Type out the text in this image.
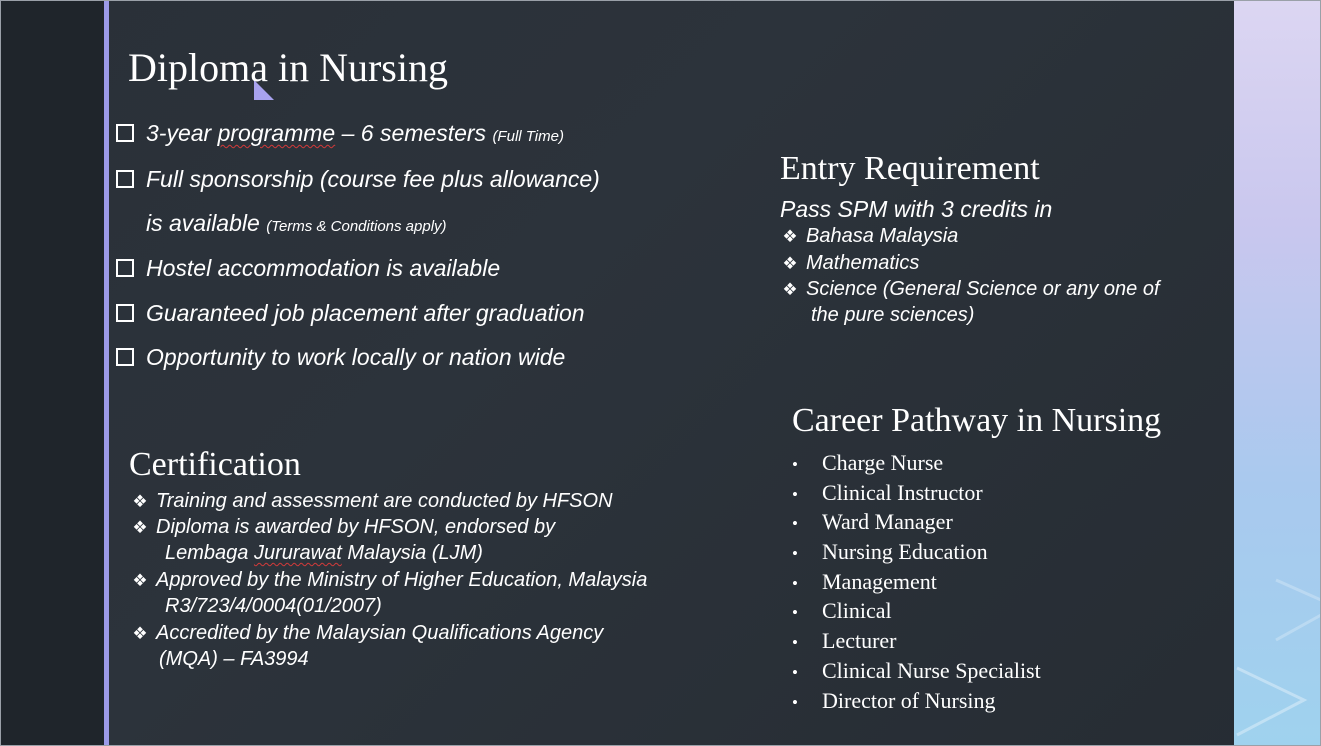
Diploma in Nursing
3-year programme – 6 semesters (Full Time)
Full sponsorship (course fee plus allowance)
is available (Terms & Conditions apply)
Hostel accommodation is available
Guaranteed job placement after graduation
Opportunity to work locally or nation wide
Certification
❖ Training and assessment are conducted by HFSON
❖ Diploma is awarded by HFSON, endorsed by
Lembaga Jururawat Malaysia (LJM)
❖ Approved by the Ministry of Higher Education, Malaysia
R3/723/4/0004(01/2007)
❖ Accredited by the Malaysian Qualifications Agency
(MQA) – FA3994
Entry Requirement
Pass SPM with 3 credits in
❖ Bahasa Malaysia
❖ Mathematics
❖ Science (General Science or any one of
the pure sciences)
Career Pathway in Nursing
• Charge Nurse
• Clinical Instructor
• Ward Manager
• Nursing Education
• Management
• Clinical
• Lecturer
• Clinical Nurse Specialist
• Director of Nursing
